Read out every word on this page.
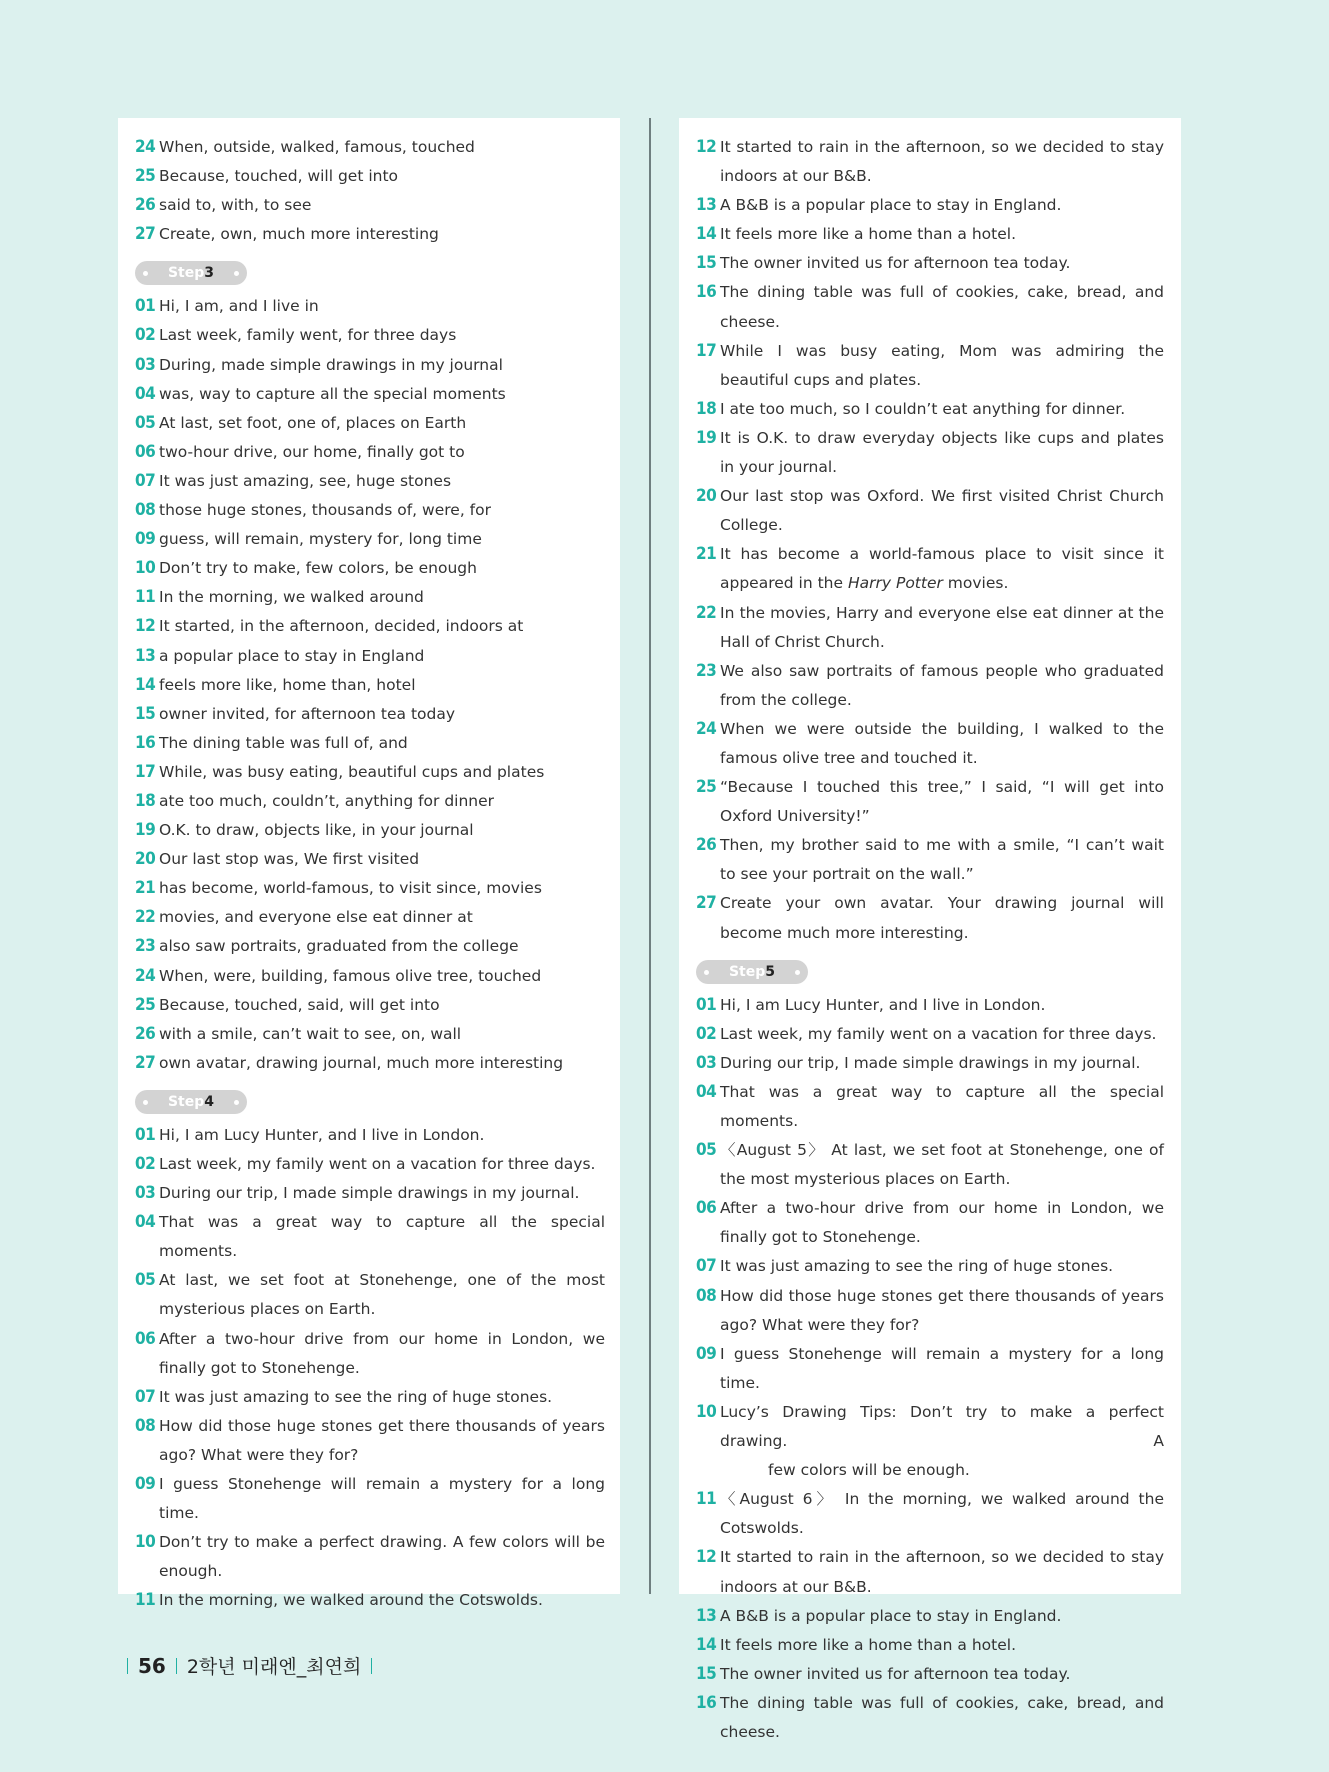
24 When, outside, walked, famous, touched
25 Because, touched, will get into
26 said to, with, to see
27 Create, own, much more interesting
Step3
01 Hi, I am, and I live in
02 Last week, family went, for three days
03 During, made simple drawings in my journal
04 was, way to capture all the special moments
05 At last, set foot, one of, places on Earth
06 two-hour drive, our home, finally got to
07 It was just amazing, see, huge stones
08 those huge stones, thousands of, were, for
09 guess, will remain, mystery for, long time
10 Don’t try to make, few colors, be enough
11 In the morning, we walked around
12 It started, in the afternoon, decided, indoors at
13 a popular place to stay in England
14 feels more like, home than, hotel
15 owner invited, for afternoon tea today
16 The dining table was full of, and
17 While, was busy eating, beautiful cups and plates
18 ate too much, couldn’t, anything for dinner
19 O.K. to draw, objects like, in your journal
20 Our last stop was, We first visited
21 has become, world-famous, to visit since, movies
22 movies, and everyone else eat dinner at
23 also saw portraits, graduated from the college
24 When, were, building, famous olive tree, touched
25 Because, touched, said, will get into
26 with a smile, can’t wait to see, on, wall
27 own avatar, drawing journal, much more interesting
Step4
01 Hi, I am Lucy Hunter, and I live in London.
02 Last week, my family went on a vacation for three days.
03 During our trip, I made simple drawings in my journal.
04 That was a great way to capture all the special moments.
05 At last, we set foot at Stonehenge, one of the most mysterious places on Earth.
06 After a two-hour drive from our home in London, we finally got to Stonehenge.
07 It was just amazing to see the ring of huge stones.
08 How did those huge stones get there thousands of years ago? What were they for?
09 I guess Stonehenge will remain a mystery for a long time.
10 Don’t try to make a perfect drawing. A few colors will be enough.
11 In the morning, we walked around the Cotswolds.
12 It started to rain in the afternoon, so we decided to stay indoors at our B&B.
13 A B&B is a popular place to stay in England.
14 It feels more like a home than a hotel.
15 The owner invited us for afternoon tea today.
16 The dining table was full of cookies, cake, bread, and cheese.
17 While I was busy eating, Mom was admiring the beautiful cups and plates.
18 I ate too much, so I couldn’t eat anything for dinner.
19 It is O.K. to draw everyday objects like cups and plates in your journal.
20 Our last stop was Oxford. We first visited Christ Church College.
21 It has become a world-famous place to visit since it appeared in the Harry Potter movies.
22 In the movies, Harry and everyone else eat dinner at the Hall of Christ Church.
23 We also saw portraits of famous people who graduated from the college.
24 When we were outside the building, I walked to the famous olive tree and touched it.
25 “Because I touched this tree,” I said, “I will get into Oxford University!”
26 Then, my brother said to me with a smile, “I can’t wait to see your portrait on the wall.”
27 Create your own avatar. Your drawing journal will become much more interesting.
Step5
01 Hi, I am Lucy Hunter, and I live in London.
02 Last week, my family went on a vacation for three days.
03 During our trip, I made simple drawings in my journal.
04 That was a great way to capture all the special moments.
05 〈August 5〉 At last, we set foot at Stonehenge, one of the most mysterious places on Earth.
06 After a two-hour drive from our home in London, we finally got to Stonehenge.
07 It was just amazing to see the ring of huge stones.
08 How did those huge stones get there thousands of years ago? What were they for?
09 I guess Stonehenge will remain a mystery for a long time.
10 Lucy’s Drawing Tips: Don’t try to make a perfect drawing. A
few colors will be enough.
11 〈August 6〉 In the morning, we walked around the Cotswolds.
12 It started to rain in the afternoon, so we decided to stay indoors at our B&B.
13 A B&B is a popular place to stay in England.
14 It feels more like a home than a hotel.
15 The owner invited us for afternoon tea today.
16 The dining table was full of cookies, cake, bread, and cheese.
56 2학년 미래엔_최연희
